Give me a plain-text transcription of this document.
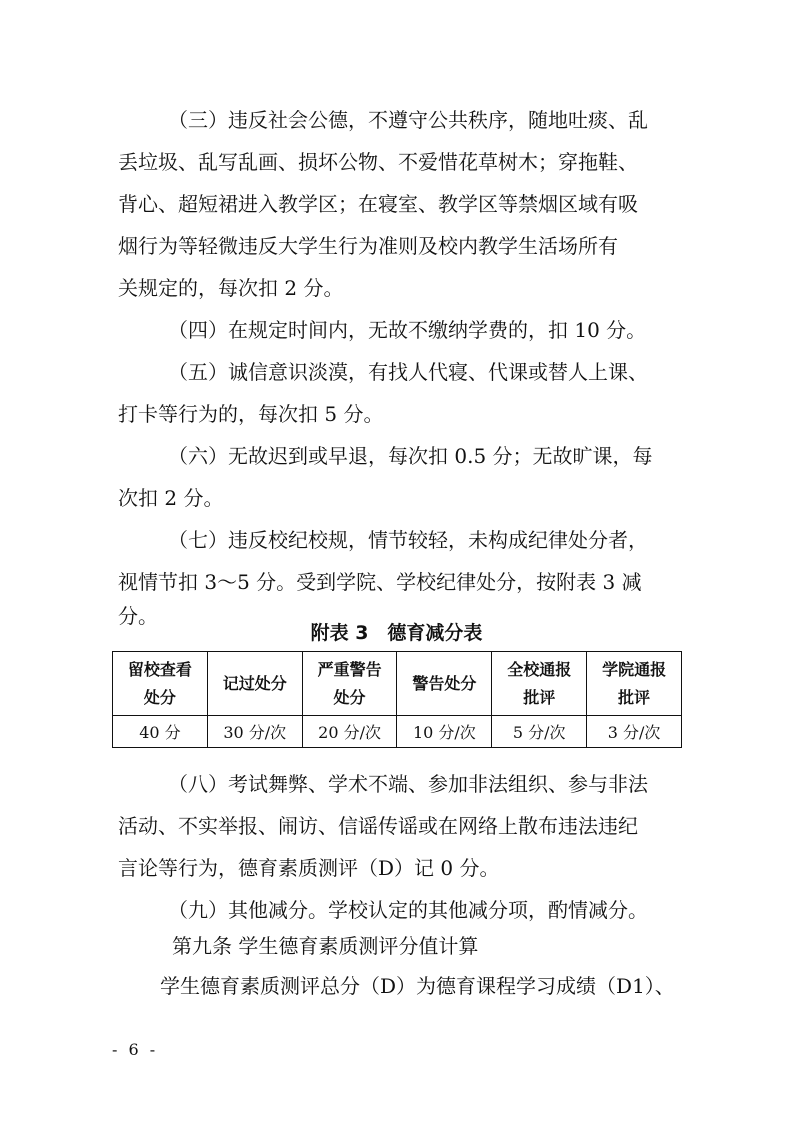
（三）违反社会公德，不遵守公共秩序，随地吐痰、乱

丢垃圾、乱写乱画、损坏公物、不爱惜花草树木；穿拖鞋、

背心、超短裙进入教学区；在寝室、教学区等禁烟区域有吸

烟行为等轻微违反大学生行为准则及校内教学生活场所有

关规定的，每次扣 2 分。

（四）在规定时间内，无故不缴纳学费的，扣 10 分。

（五）诚信意识淡漠，有找人代寝、代课或替人上课、

打卡等行为的，每次扣 5 分。

（六）无故迟到或早退，每次扣 0.5 分；无故旷课，每

次扣 2 分。

（七）违反校纪校规，情节较轻，未构成纪律处分者，

视情节扣 3～5 分。受到学院、学校纪律处分，按附表 3 减

分。

附表 3　德育减分表
留校查看处分	记过处分	严重警告处分	警告处分	全校通报批评	学院通报批评
40 分	30 分/次	20 分/次	10 分/次	5 分/次	3 分/次

（八）考试舞弊、学术不端、参加非法组织、参与非法

活动、不实举报、闹访、信谣传谣或在网络上散布违法违纪

言论等行为，德育素质测评（D）记 0 分。

（九）其他减分。学校认定的其他减分项，酌情减分。

第九条 学生德育素质测评分值计算

学生德育素质测评总分（D）为德育课程学习成绩（D1）、

- 6 -
